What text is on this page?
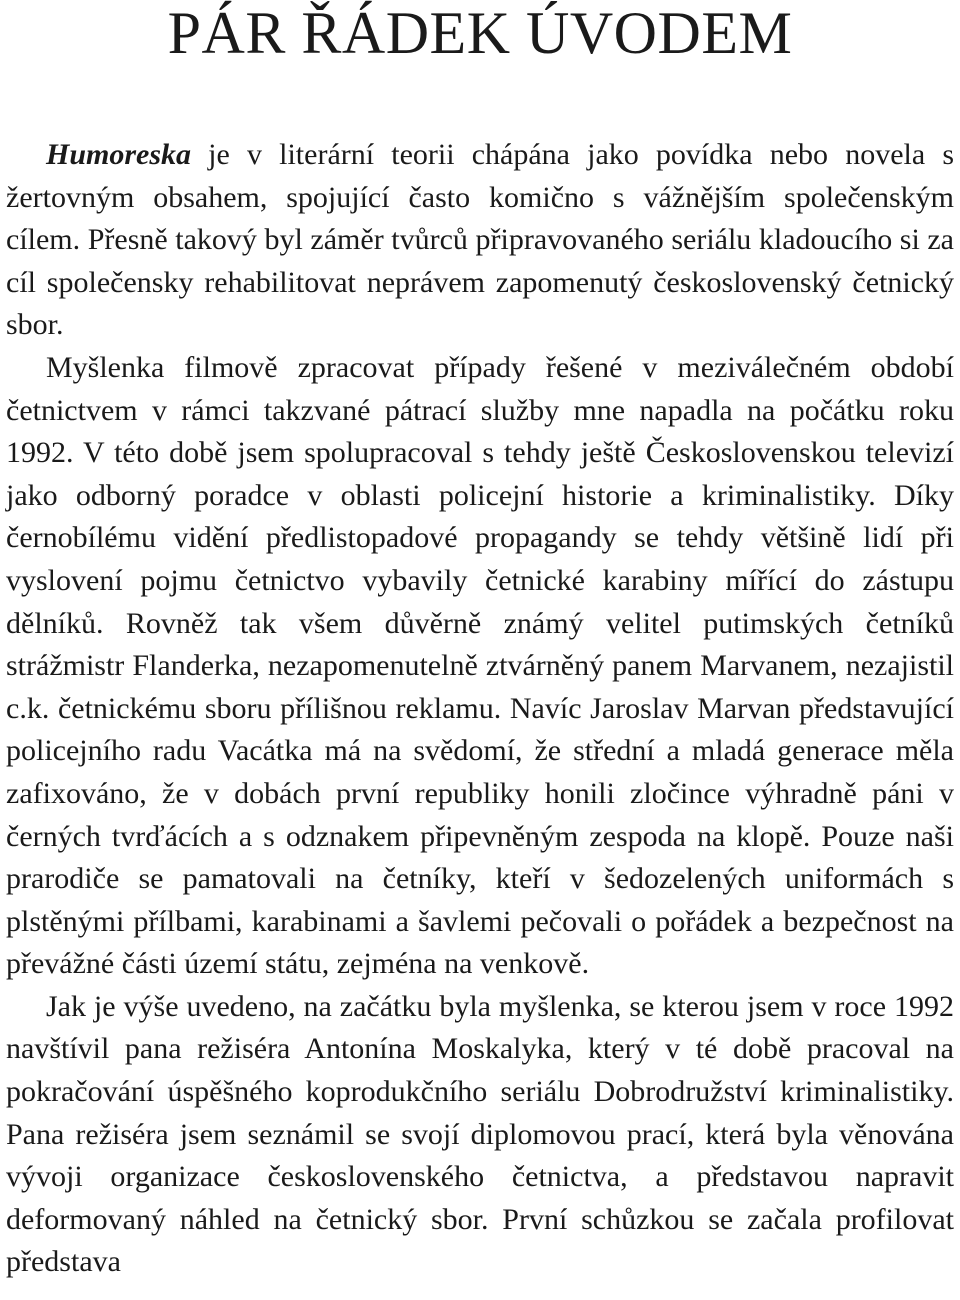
PÁR ŘÁDEK ÚVODEM

Humoreska je v literární teorii chápána jako povídka nebo novela s žertovným obsahem, spojující často komično s vážnějším společenským cílem. Přesně takový byl záměr tvůrců připravovaného seriálu kladoucího si za cíl společensky rehabilitovat neprávem zapomenutý československý četnický sbor.

Myšlenka filmově zpracovat případy řešené v meziválečném období četnictvem v rámci takzvané pátrací služby mne napadla na počátku roku 1992. V této době jsem spolupracoval s tehdy ještě Československou televizí jako odborný poradce v oblasti policejní historie a kriminalistiky. Díky černobílému vidění předlistopadové propagandy se tehdy většině lidí při vyslovení pojmu četnictvo vybavily četnické karabiny mířící do zástupu dělníků. Rovněž tak všem důvěrně známý velitel putimských četníků strážmistr Flanderka, nezapomenutelně ztvárněný panem Marvanem, nezajistil c.k. četnickému sboru přílišnou reklamu. Navíc Jaroslav Marvan představující policejního radu Vacátka má na svědomí, že střední a mladá generace měla zafixováno, že v dobách první republiky honili zločince výhradně páni v černých tvrďácích a s odznakem připevněným zespoda na klopě. Pouze naši prarodiče se pamatovali na četníky, kteří v šedozelených uniformách s plstěnými přílbami, karabinami a šavlemi pečovali o pořádek a bezpečnost na převážné části území státu, zejména na venkově.

Jak je výše uvedeno, na začátku byla myšlenka, se kterou jsem v roce 1992 navštívil pana režiséra Antonína Moskalyka, který v té době pracoval na pokračování úspěšného koprodukčního seriálu Dobrodružství kriminalistiky. Pana režiséra jsem seznámil se svojí diplomovou prací, která byla věnována vývoji organizace československého četnictva, a představou napravit deformovaný náhled na četnický sbor. První schůzkou se začala profilovat představa
